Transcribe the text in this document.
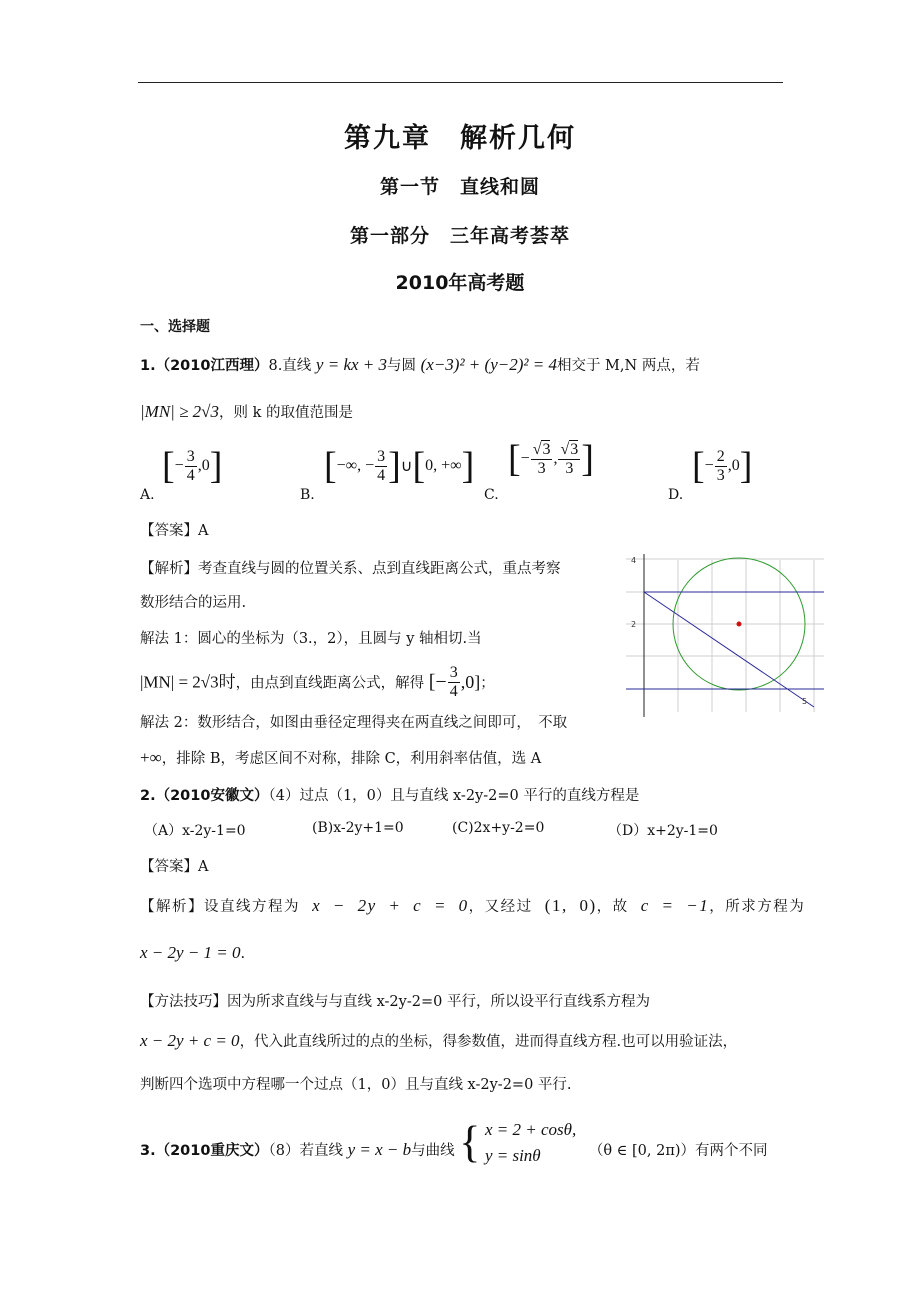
第九章　解析几何
第一节　直线和圆
第一部分　三年高考荟萃
2010年高考题
一、选择题
1.（2010江西理）8.直线 y = kx + 3与圆 (x−3)² + (y−2)² = 4相交于 M,N 两点，若
|MN| ≥ 2√3，则 k 的取值范围是
A.
[ − $\frac{3}{4} ,0$ ]
B.
[ −∞, − $\frac{3}{4}$ ] ∪ [ 0, +∞ ]
C.
[ − $\frac{√3}{3}$ , $\frac{√3}{3}$ ]
D.
[ − $\frac{2}{3} ,0$ ]
【答案】A
【解析】考查直线与圆的位置关系、点到直线距离公式，重点考察
数形结合的运用.
解法 1：圆心的坐标为（3.，2），且圆与 y 轴相切.当
|MN| = 2√3时，由点到直线距离公式，解得 [− $\frac{3}{4} ,0$] ；
解法 2：数形结合，如图由垂径定理得夹在两直线之间即可，　不取
+∞，排除 B，考虑区间不对称，排除 C，利用斜率估值，选 A
4
2
5
2.（2010安徽文）（4）过点（1，0）且与直线 x-2y-2=0 平行的直线方程是
（A）x-2y-1=0	(B)x-2y+1=0	(C)2x+y-2=0	（D）x+2y-1=0
【答案】A
【解析】设直线方程为 x − 2y + c = 0，又经过 (1, 0)，故 c = −1，所求方程为
x − 2y − 1 = 0.
【方法技巧】因为所求直线与与直线 x-2y-2=0 平行，所以设平行直线系方程为
x − 2y + c = 0，代入此直线所过的点的坐标，得参数值，进而得直线方程.也可以用验证法，
判断四个选项中方程哪一个过点（1，0）且与直线 x-2y-2=0 平行.
3.（2010重庆文）（8）若直线 y = x − b与曲线 { x = 2 + cosθ,
y = sinθ	（θ ∈ [0, 2π)）有两个不同
